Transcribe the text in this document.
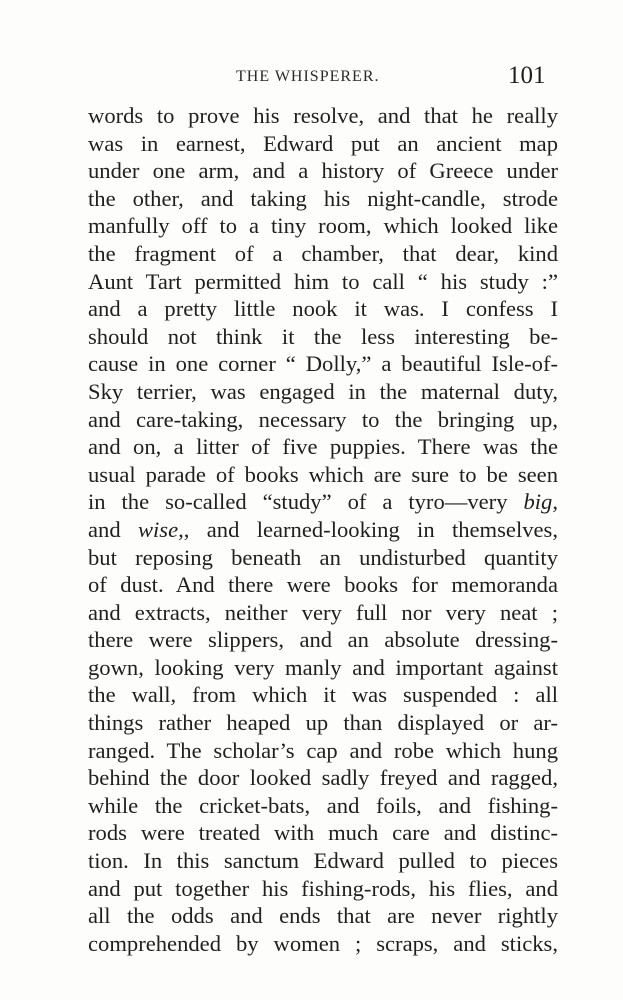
THE WHISPERER.	101
words to prove his resolve, and that he really
was in earnest, Edward put an ancient map
under one arm, and a history of Greece under
the other, and taking his night-candle, strode
manfully off to a tiny room, which looked like
the fragment of a chamber, that dear, kind
Aunt Tart permitted him to call “ his study :”
and a pretty little nook it was. I confess I
should not think it the less interesting be-
cause in one corner “ Dolly,” a beautiful Isle-of-
Sky terrier, was engaged in the maternal duty,
and care-taking, necessary to the bringing up,
and on, a litter of five puppies. There was the
usual parade of books which are sure to be seen
in the so-called “study” of a tyro—very big,
and wise,, and learned-looking in themselves,
but reposing beneath an undisturbed quantity
of dust. And there were books for memoranda
and extracts, neither very full nor very neat ;
there were slippers, and an absolute dressing-
gown, looking very manly and important against
the wall, from which it was suspended : all
things rather heaped up than displayed or ar-
ranged. The scholar’s cap and robe which hung
behind the door looked sadly freyed and ragged,
while the cricket-bats, and foils, and fishing-
rods were treated with much care and distinc-
tion. In this sanctum Edward pulled to pieces
and put together his fishing-rods, his flies, and
all the odds and ends that are never rightly
comprehended by women ; scraps, and sticks,
